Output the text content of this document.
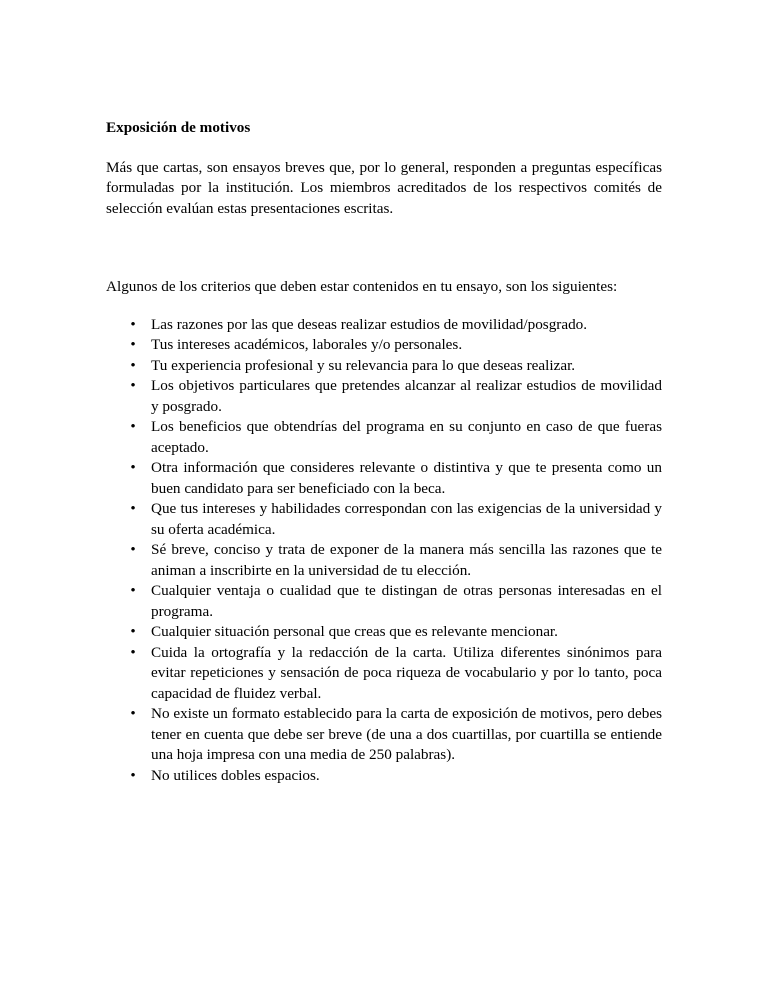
Exposición de motivos

Más que cartas, son ensayos breves que, por lo general, responden a preguntas específicas formuladas por la institución. Los miembros acreditados de los respectivos comités de selección evalúan estas presentaciones escritas.

Algunos de los criterios que deben estar contenidos en tu ensayo, son los siguientes:

• Las razones por las que deseas realizar estudios de movilidad/posgrado.
• Tus intereses académicos, laborales y/o personales.
• Tu experiencia profesional y su relevancia para lo que deseas realizar.
• Los objetivos particulares que pretendes alcanzar al realizar estudios de movilidad y posgrado.
• Los beneficios que obtendrías del programa en su conjunto en caso de que fueras aceptado.
• Otra información que consideres relevante o distintiva y que te presenta como un buen candidato para ser beneficiado con la beca.
• Que tus intereses y habilidades correspondan con las exigencias de la universidad y su oferta académica.
• Sé breve, conciso y trata de exponer de la manera más sencilla las razones que te animan a inscribirte en la universidad de tu elección.
• Cualquier ventaja o cualidad que te distingan de otras personas interesadas en el programa.
• Cualquier situación personal que creas que es relevante mencionar.
• Cuida la ortografía y la redacción de la carta. Utiliza diferentes sinónimos para evitar repeticiones y sensación de poca riqueza de vocabulario y por lo tanto, poca capacidad de fluidez verbal.
• No existe un formato establecido para la carta de exposición de motivos, pero debes tener en cuenta que debe ser breve (de una a dos cuartillas, por cuartilla se entiende una hoja impresa con una media de 250 palabras).
• No utilices dobles espacios.
